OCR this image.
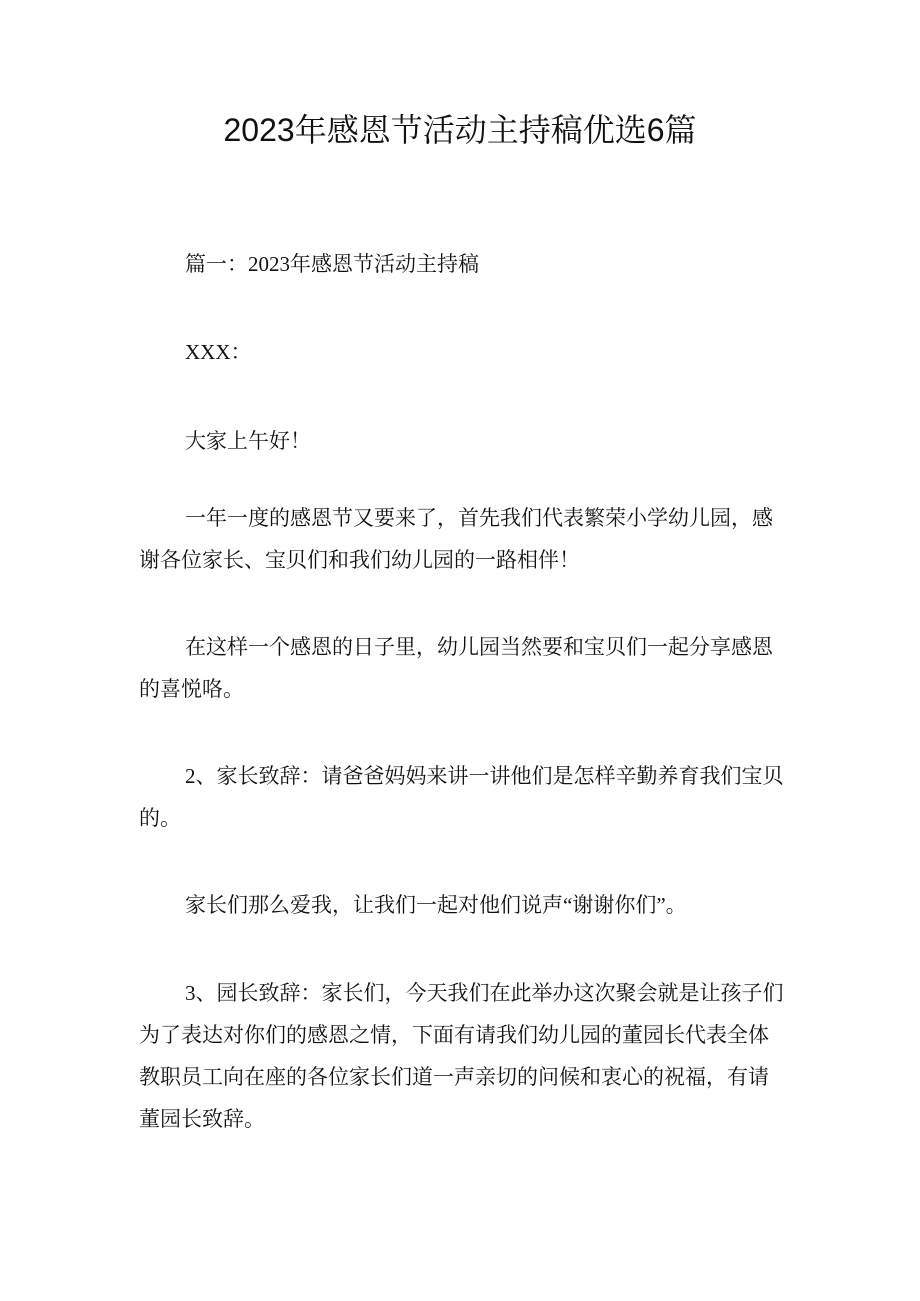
2023年感恩节活动主持稿优选6篇

篇一：2023年感恩节活动主持稿

XXX：

大家上午好！

一年一度的感恩节又要来了，首先我们代表繁荣小学幼儿园，感谢各位家长、宝贝们和我们幼儿园的一路相伴！

在这样一个感恩的日子里，幼儿园当然要和宝贝们一起分享感恩的喜悦咯。

2、家长致辞：请爸爸妈妈来讲一讲他们是怎样辛勤养育我们宝贝的。

家长们那么爱我，让我们一起对他们说声“谢谢你们”。

3、园长致辞：家长们，今天我们在此举办这次聚会就是让孩子们为了表达对你们的感恩之情，下面有请我们幼儿园的董园长代表全体教职员工向在座的各位家长们道一声亲切的问候和衷心的祝福，有请董园长致辞。
